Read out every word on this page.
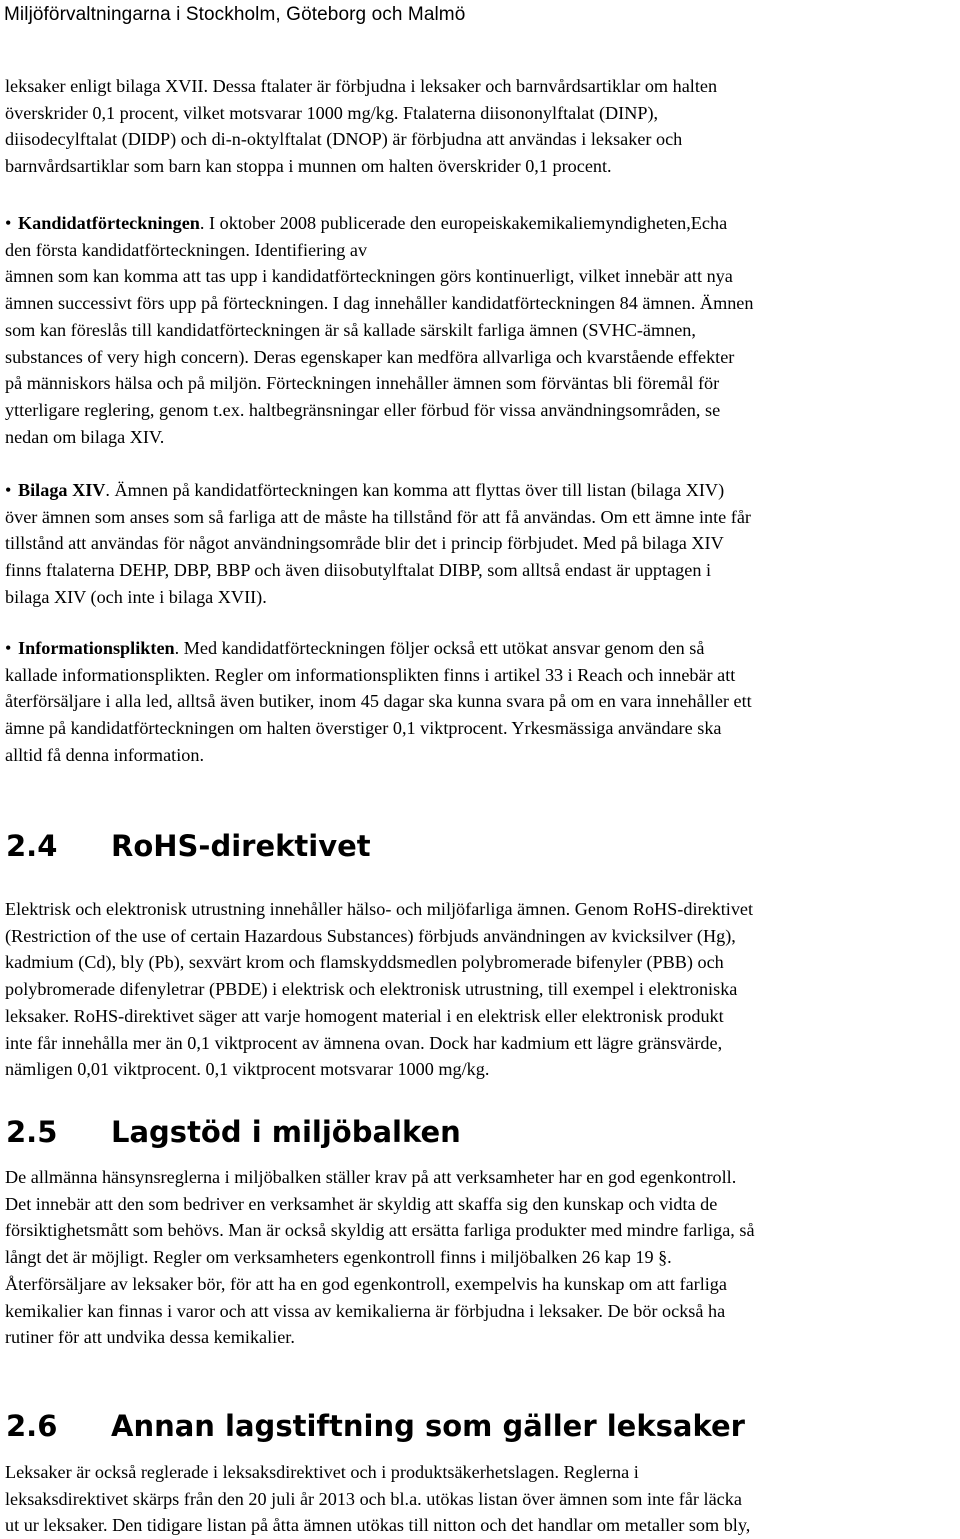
Miljöförvaltningarna i Stockholm, Göteborg och Malmö
leksaker enligt bilaga XVII. Dessa ftalater är förbjudna i leksaker och barnvårdsartiklar om halten
överskrider 0,1 procent, vilket motsvarar 1000 mg/kg. Ftalaterna diisononylftalat (DINP),
diisodecylftalat (DIDP) och di-n-oktylftalat (DNOP) är förbjudna att användas i leksaker och
barnvårdsartiklar som barn kan stoppa i munnen om halten överskrider 0,1 procent.
• Kandidatförteckningen. I oktober 2008 publicerade den europeiskakemikaliemyndigheten,Echa
den första kandidatförteckningen. Identifiering av
ämnen som kan komma att tas upp i kandidatförteckningen görs kontinuerligt, vilket innebär att nya
ämnen successivt förs upp på förteckningen. I dag innehåller kandidatförteckningen 84 ämnen. Ämnen
som kan föreslås till kandidatförteckningen är så kallade särskilt farliga ämnen (SVHC-ämnen,
substances of very high concern). Deras egenskaper kan medföra allvarliga och kvarstående effekter
på människors hälsa och på miljön. Förteckningen innehåller ämnen som förväntas bli föremål för
ytterligare reglering, genom t.ex. haltbegränsningar eller förbud för vissa användningsområden, se
nedan om bilaga XIV.
• Bilaga XIV. Ämnen på kandidatförteckningen kan komma att flyttas över till listan (bilaga XIV)
över ämnen som anses som så farliga att de måste ha tillstånd för att få användas. Om ett ämne inte får
tillstånd att användas för något användningsområde blir det i princip förbjudet. Med på bilaga XIV
finns ftalaterna DEHP, DBP, BBP och även diisobutylftalat DIBP, som alltså endast är upptagen i
bilaga XIV (och inte i bilaga XVII).
• Informationsplikten. Med kandidatförteckningen följer också ett utökat ansvar genom den så
kallade informationsplikten. Regler om informationsplikten finns i artikel 33 i Reach och innebär att
återförsäljare i alla led, alltså även butiker, inom 45 dagar ska kunna svara på om en vara innehåller ett
ämne på kandidatförteckningen om halten överstiger 0,1 viktprocent. Yrkesmässiga användare ska
alltid få denna information.
2.4 RoHS-direktivet
Elektrisk och elektronisk utrustning innehåller hälso- och miljöfarliga ämnen. Genom RoHS-direktivet
(Restriction of the use of certain Hazardous Substances) förbjuds användningen av kvicksilver (Hg),
kadmium (Cd), bly (Pb), sexvärt krom och flamskyddsmedlen polybromerade bifenyler (PBB) och
polybromerade difenyletrar (PBDE) i elektrisk och elektronisk utrustning, till exempel i elektroniska
leksaker. RoHS-direktivet säger att varje homogent material i en elektrisk eller elektronisk produkt
inte får innehålla mer än 0,1 viktprocent av ämnena ovan. Dock har kadmium ett lägre gränsvärde,
nämligen 0,01 viktprocent. 0,1 viktprocent motsvarar 1000 mg/kg.
2.5 Lagstöd i miljöbalken
De allmänna hänsynsreglerna i miljöbalken ställer krav på att verksamheter har en god egenkontroll.
Det innebär att den som bedriver en verksamhet är skyldig att skaffa sig den kunskap och vidta de
försiktighetsmått som behövs. Man är också skyldig att ersätta farliga produkter med mindre farliga, så
långt det är möjligt. Regler om verksamheters egenkontroll finns i miljöbalken 26 kap 19 §.
Återförsäljare av leksaker bör, för att ha en god egenkontroll, exempelvis ha kunskap om att farliga
kemikalier kan finnas i varor och att vissa av kemikalierna är förbjudna i leksaker. De bör också ha
rutiner för att undvika dessa kemikalier.
2.6 Annan lagstiftning som gäller leksaker
Leksaker är också reglerade i leksaksdirektivet och i produktsäkerhetslagen. Reglerna i
leksaksdirektivet skärps från den 20 juli år 2013 och bl.a. utökas listan över ämnen som inte får läcka
ut ur leksaker. Den tidigare listan på åtta ämnen utökas till nitton och det handlar om metaller som bly,
